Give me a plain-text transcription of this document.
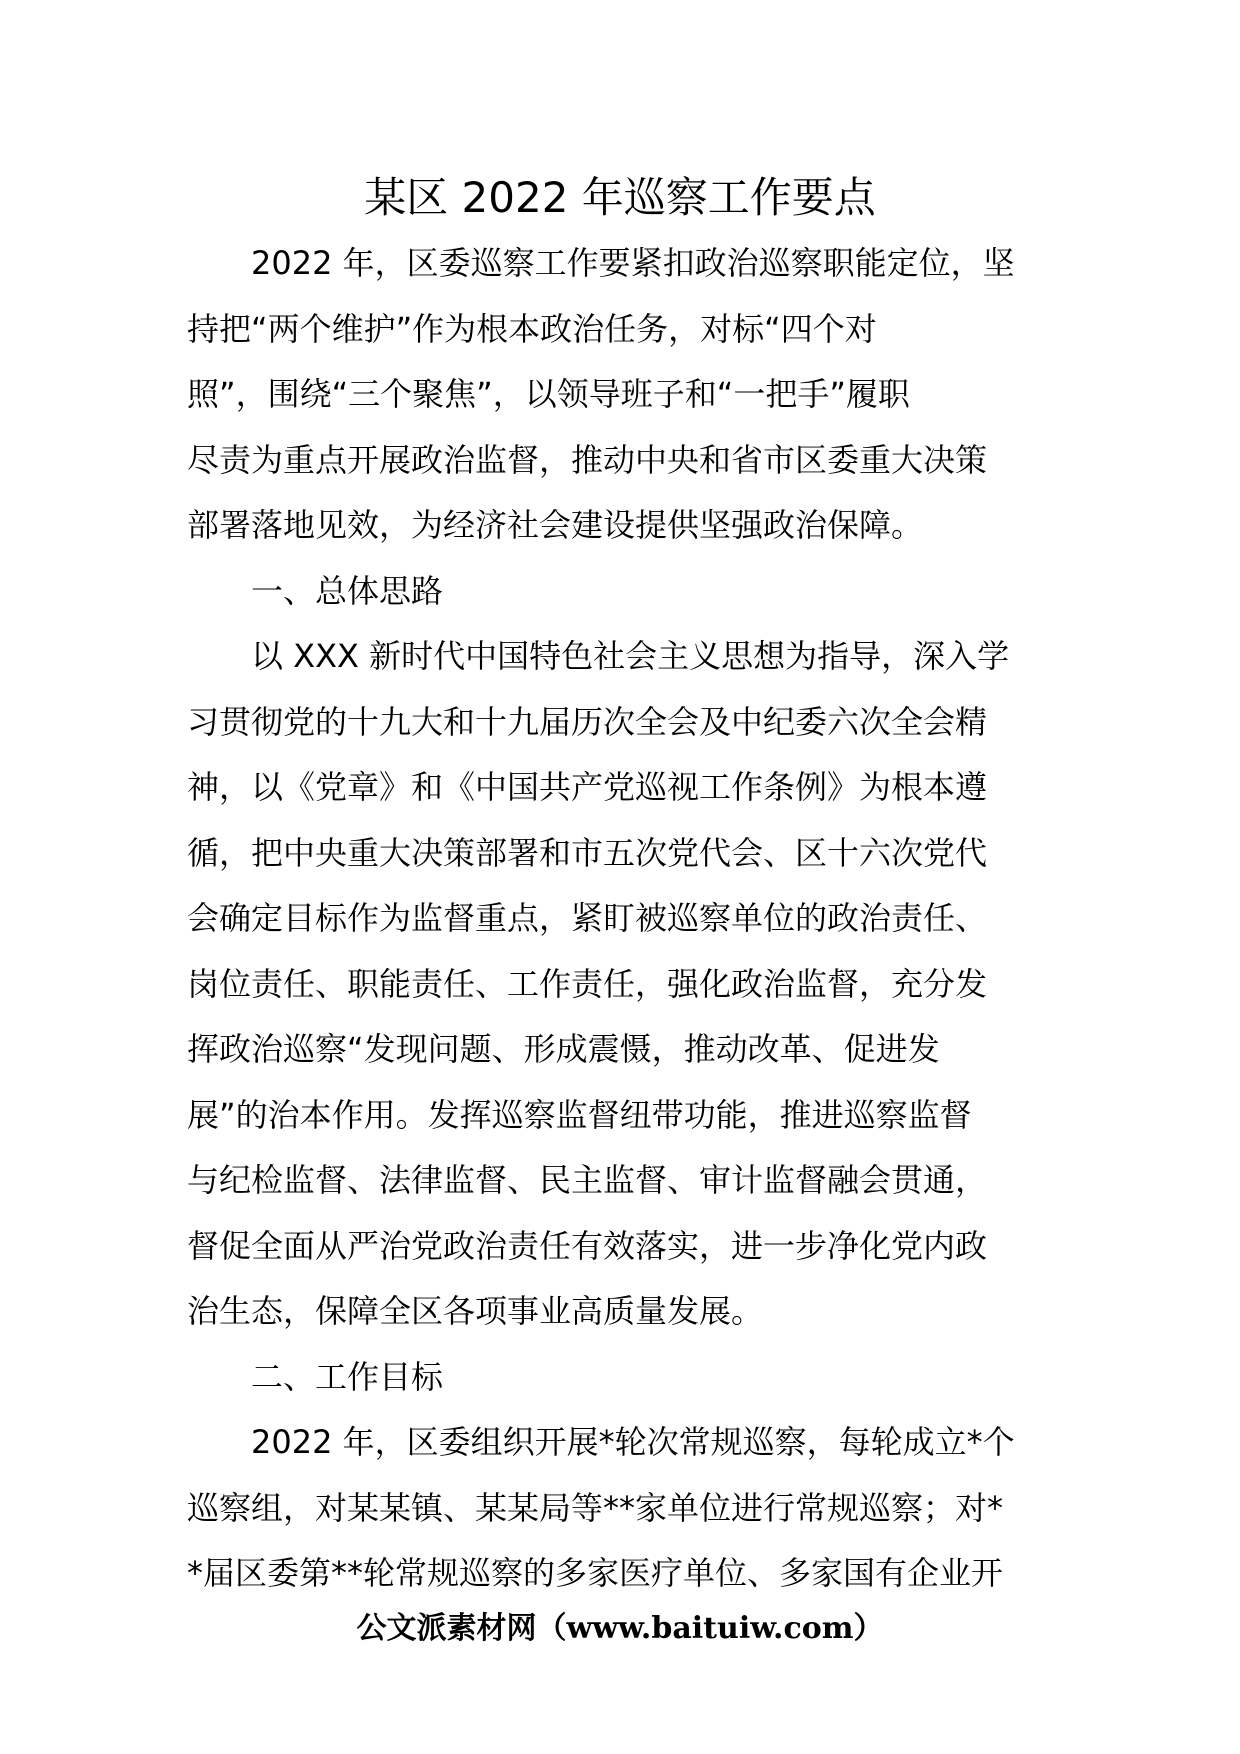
某区 2022 年巡察工作要点
　　2022 年，区委巡察工作要紧扣政治巡察职能定位，坚
持把“两个维护”作为根本政治任务，对标“四个对
照”，围绕“三个聚焦”，以领导班子和“一把手”履职
尽责为重点开展政治监督，推动中央和省市区委重大决策
部署落地见效，为经济社会建设提供坚强政治保障。
　　一、总体思路
　　以 XXX 新时代中国特色社会主义思想为指导，深入学
习贯彻党的十九大和十九届历次全会及中纪委六次全会精
神，以《党章》和《中国共产党巡视工作条例》为根本遵
循，把中央重大决策部署和市五次党代会、区十六次党代
会确定目标作为监督重点，紧盯被巡察单位的政治责任、
岗位责任、职能责任、工作责任，强化政治监督，充分发
挥政治巡察“发现问题、形成震慑，推动改革、促进发
展”的治本作用。发挥巡察监督纽带功能，推进巡察监督
与纪检监督、法律监督、民主监督、审计监督融会贯通，
督促全面从严治党政治责任有效落实，进一步净化党内政
治生态，保障全区各项事业高质量发展。
　　二、工作目标
　　2022 年，区委组织开展*轮次常规巡察，每轮成立*个
巡察组，对某某镇、某某局等**家单位进行常规巡察；对*
*届区委第**轮常规巡察的多家医疗单位、多家国有企业开
公文派素材网（www.baituiw.com）
